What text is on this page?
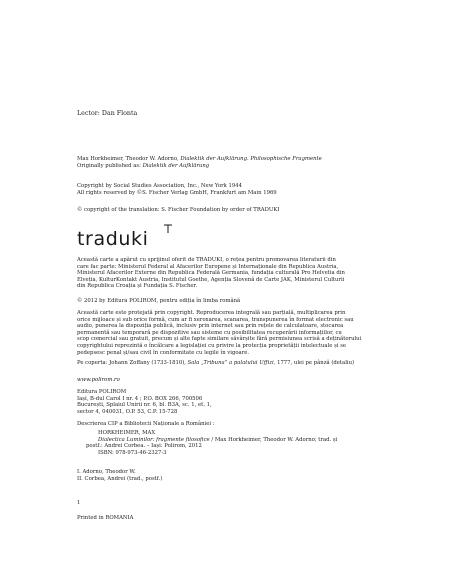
Lector: Dan Flonta

Max Horkheimer, Theodor W. Adorno, Dialektik der Aufklärung. Philosophische Fragmente

Originally published as: Dialektik der Aufklärung

Copyright by Social Studies Association, Inc., New York 1944

All rights reserved by ©S. Fischer Verlag GmbH, Frankfurt am Main 1969

© copyright of the translation: S. Fischer Foundation by order of TRADUKI

traduki

Această carte a apărut cu sprijinul oferit de TRADUKI, o rețea pentru promovarea literaturii din

care fac parte: Ministerul Federal al Afacerilor Europene și Internaționale din Republica Austria,

Ministerul Afacerilor Externe din Republica Federală Germania, fundația culturală Pro Helvetia din

Elveția, KulturKontakt Austria, Institutul Goethe, Agenția Slovenă de Carte JAK, Ministerul Culturii

din Republica Croația și Fundația S. Fischer.

© 2012 by Editura POLIROM, pentru ediția în limba română

Această carte este protejată prin copyright. Reproducerea integrală sau parțială, multiplicarea prin

orice mijloace și sub orice formă, cum ar fi xeroxarea, scanarea, transpunerea în format electronic sau

audio, punerea la dispoziția publică, inclusiv prin internet sau prin rețele de calculatoare, stocarea

permanentă sau temporară pe dispozitive sau sisteme cu posibilitatea recuperării informațiilor, cu

scop comercial sau gratuit, precum și alte fapte similare săvârșite fără permisiunea scrisă a deținătorului

copyrightului reprezintă o încălcare a legislației cu privire la protecția proprietății intelectuale și se

pedepsesc penal și/sau civil în conformitate cu legile în vigoare.

Pe coperta: Johann Zoffany (1733-1810), Sala „Tribuna” a palatului Uffizi, 1777, ulei pe pânză (detaliu)

www.polirom.ro

Editura POLIROM

Iași, B-dul Carol I nr. 4 ; P.O. BOX 266, 700506

București, Splaiul Unirii nr. 6, bl. B3A, sc. 1, et. 1,

sector 4, 040031, O.P. 53, C.P. 15-728

Descrierea CIP a Bibliotecii Naționale a României :

HORKHEIMER, MAX

Dialectica Luminilor: fragmente filosofice / Max Horkheimer, Theodor W. Adorno; trad. și

postf.: Andrei Corbea. – Iași: Polirom, 2012

ISBN: 978-973-46-2327-3

I. Adorno, Theodor W.

II. Corbea, Andrei (trad., postf.)

1

Printed in ROMANIA
